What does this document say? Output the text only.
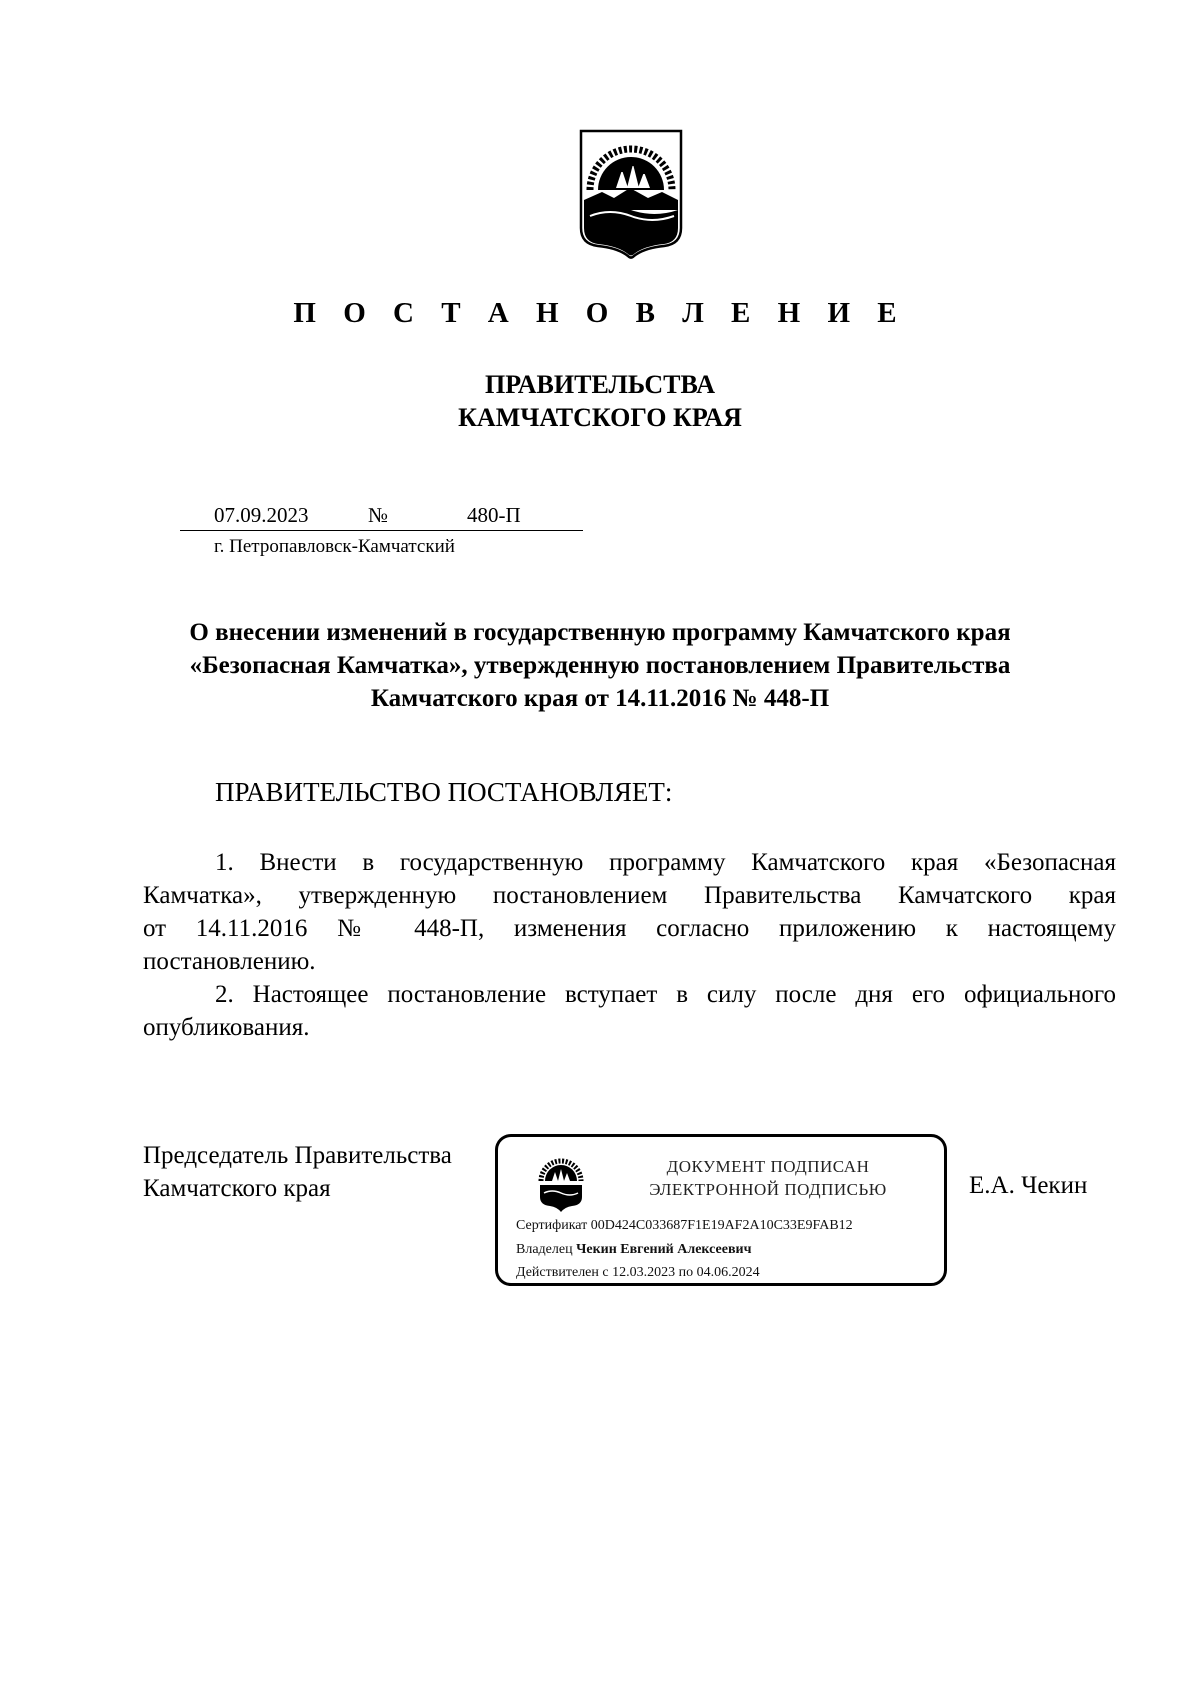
П О С Т А Н О В Л Е Н И Е
ПРАВИТЕЛЬСТВА
КАМЧАТСКОГО КРАЯ
07.09.2023	№	480-П
г. Петропавловск-Камчатский
О внесении изменений в государственную программу Камчатского края
«Безопасная Камчатка», утвержденную постановлением Правительства
Камчатского края от 14.11.2016 № 448-П
ПРАВИТЕЛЬСТВО ПОСТАНОВЛЯЕТ:
1. Внести в государственную программу Камчатского края «Безопасная
Камчатка», утвержденную постановлением Правительства Камчатского края
от 14.11.2016 № 448-П, изменения согласно приложению к настоящему
постановлению.
2. Настоящее постановление вступает в силу после дня его официального
опубликования.
Председатель Правительства
Камчатского края
ДОКУМЕНТ ПОДПИСАН
ЭЛЕКТРОННОЙ ПОДПИСЬЮ
Сертификат 00D424C033687F1E19AF2A10C33E9FAB12
Владелец Чекин Евгений Алексеевич
Действителен с 12.03.2023 по 04.06.2024
Е.А. Чекин
